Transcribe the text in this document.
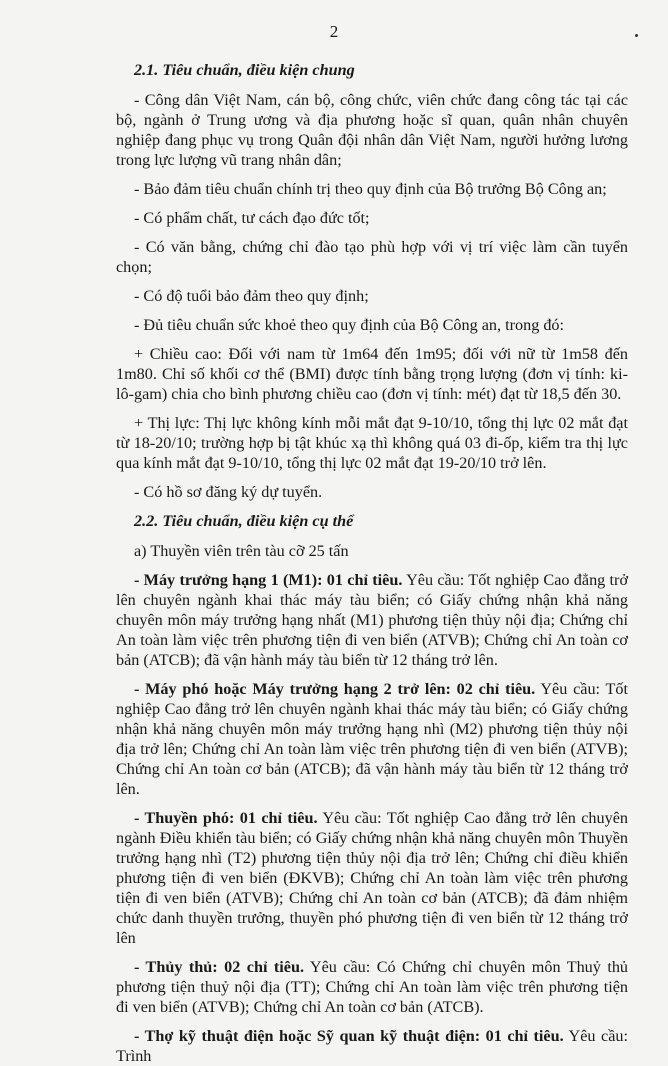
2

2.1. Tiêu chuẩn, điều kiện chung

- Công dân Việt Nam, cán bộ, công chức, viên chức đang công tác tại các bộ, ngành ở Trung ương và địa phương hoặc sĩ quan, quân nhân chuyên nghiệp đang phục vụ trong Quân đội nhân dân Việt Nam, người hưởng lương trong lực lượng vũ trang nhân dân;

- Bảo đảm tiêu chuẩn chính trị theo quy định của Bộ trưởng Bộ Công an;

- Có phẩm chất, tư cách đạo đức tốt;

- Có văn bằng, chứng chỉ đào tạo phù hợp với vị trí việc làm cần tuyển chọn;

- Có độ tuổi bảo đảm theo quy định;

- Đủ tiêu chuẩn sức khoẻ theo quy định của Bộ Công an, trong đó:

+ Chiều cao: Đối với nam từ 1m64 đến 1m95; đối với nữ từ 1m58 đến 1m80. Chỉ số khối cơ thể (BMI) được tính bằng trọng lượng (đơn vị tính: ki-lô-gam) chia cho bình phương chiều cao (đơn vị tính: mét) đạt từ 18,5 đến 30.

+ Thị lực: Thị lực không kính mỗi mắt đạt 9-10/10, tổng thị lực 02 mắt đạt từ 18-20/10; trường hợp bị tật khúc xạ thì không quá 03 đi-ốp, kiểm tra thị lực qua kính mắt đạt 9-10/10, tổng thị lực 02 mắt đạt 19-20/10 trở lên.

- Có hồ sơ đăng ký dự tuyển.

2.2. Tiêu chuẩn, điều kiện cụ thể

a) Thuyền viên trên tàu cỡ 25 tấn

- Máy trưởng hạng 1 (M1): 01 chỉ tiêu. Yêu cầu: Tốt nghiệp Cao đẳng trở lên chuyên ngành khai thác máy tàu biển; có Giấy chứng nhận khả năng chuyên môn máy trưởng hạng nhất (M1) phương tiện thủy nội địa; Chứng chỉ An toàn làm việc trên phương tiện đi ven biển (ATVB); Chứng chỉ An toàn cơ bản (ATCB); đã vận hành máy tàu biển từ 12 tháng trở lên.

- Máy phó hoặc Máy trưởng hạng 2 trở lên: 02 chỉ tiêu. Yêu cầu: Tốt nghiệp Cao đẳng trở lên chuyên ngành khai thác máy tàu biển; có Giấy chứng nhận khả năng chuyên môn máy trưởng hạng nhì (M2) phương tiện thủy nội địa trở lên; Chứng chỉ An toàn làm việc trên phương tiện đi ven biển (ATVB); Chứng chỉ An toàn cơ bản (ATCB); đã vận hành máy tàu biển từ 12 tháng trở lên.

- Thuyền phó: 01 chỉ tiêu. Yêu cầu: Tốt nghiệp Cao đẳng trở lên chuyên ngành Điều khiển tàu biển; có Giấy chứng nhận khả năng chuyên môn Thuyền trưởng hạng nhì (T2) phương tiện thủy nội địa trở lên; Chứng chỉ điều khiển phương tiện đi ven biển (ĐKVB); Chứng chỉ An toàn làm việc trên phương tiện đi ven biển (ATVB); Chứng chỉ An toàn cơ bản (ATCB); đã đảm nhiệm chức danh thuyền trưởng, thuyền phó phương tiện đi ven biển từ 12 tháng trở lên

- Thủy thủ: 02 chỉ tiêu. Yêu cầu: Có Chứng chỉ chuyên môn Thuỷ thủ phương tiện thuỷ nội địa (TT); Chứng chỉ An toàn làm việc trên phương tiện đi ven biển (ATVB); Chứng chỉ An toàn cơ bản (ATCB).

- Thợ kỹ thuật điện hoặc Sỹ quan kỹ thuật điện: 01 chỉ tiêu. Yêu cầu: Trình
